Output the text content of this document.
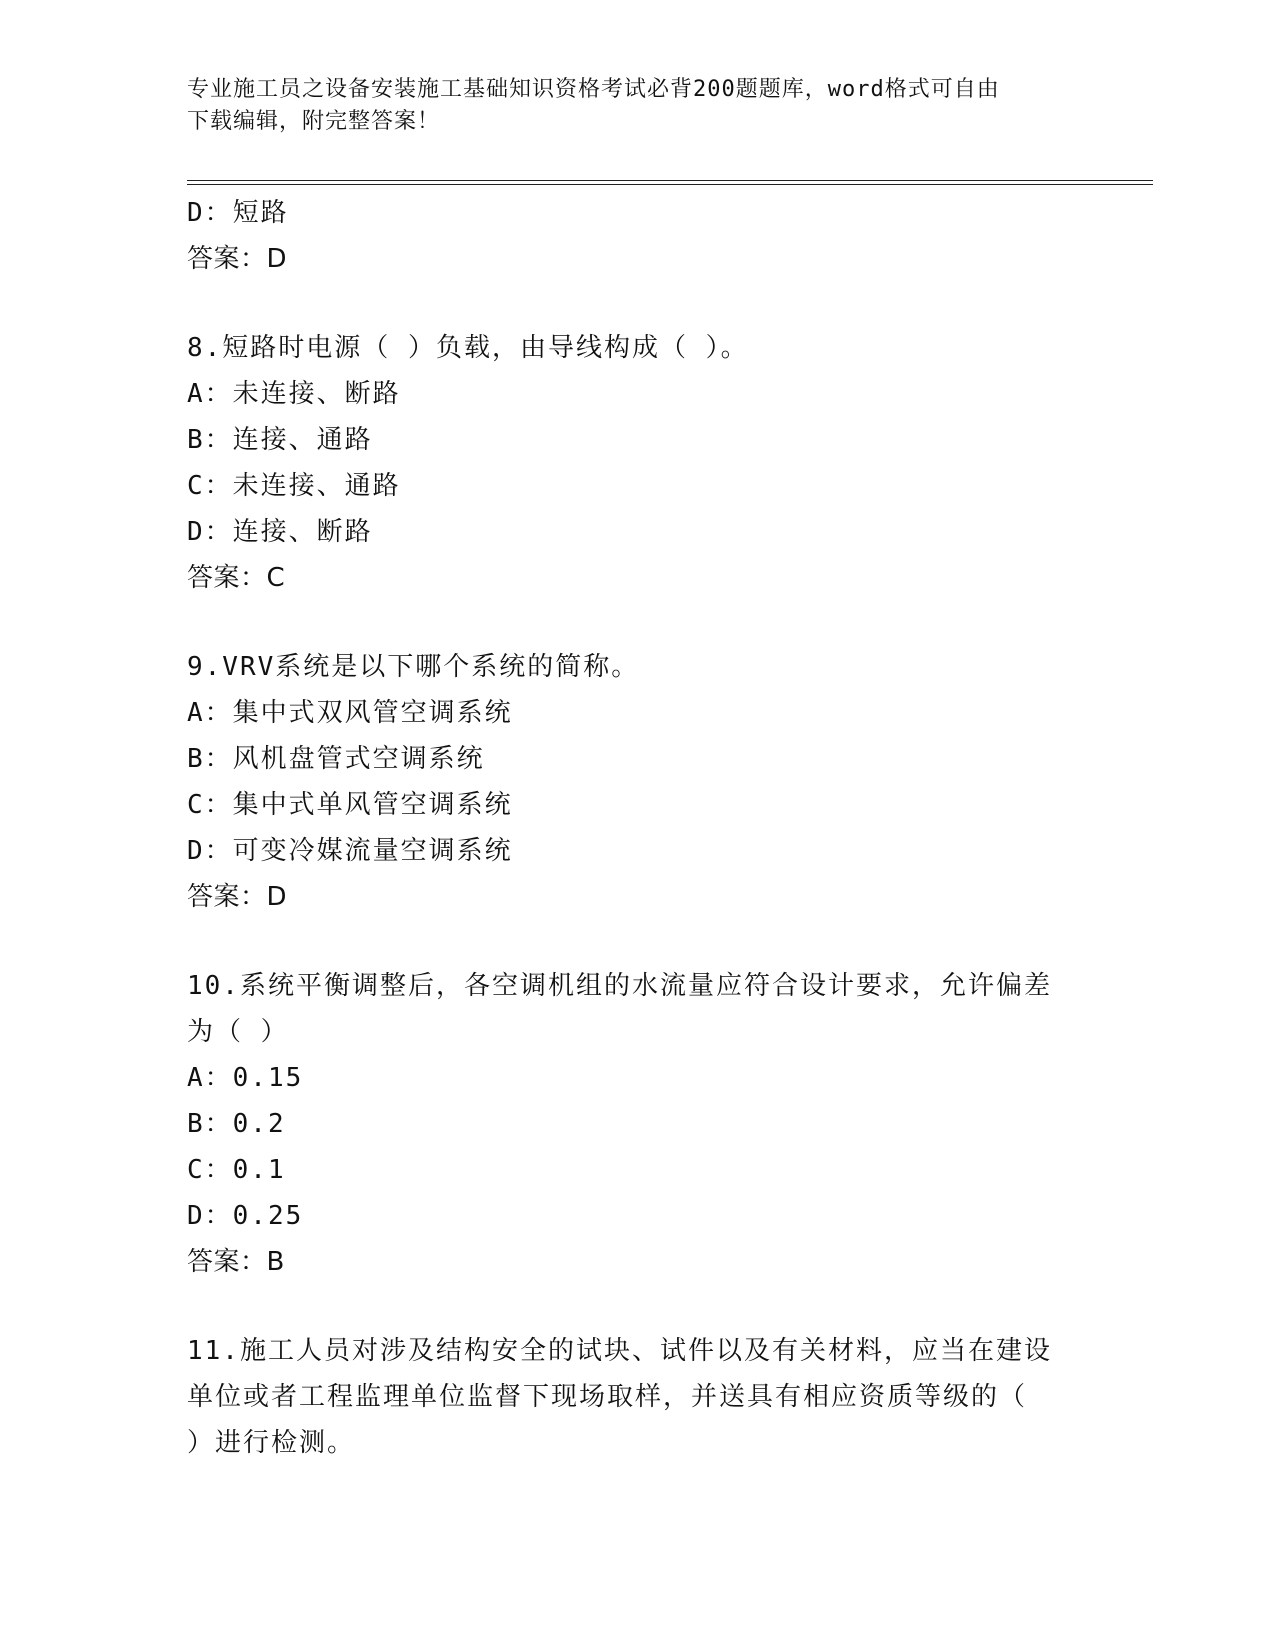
专业施工员之设备安装施工基础知识资格考试必背200题题库，word格式可自由
下载编辑，附完整答案！
D：短路
答案：D
8.短路时电源（ ）负载，由导线构成（ ）。
A：未连接、断路
B：连接、通路
C：未连接、通路
D：连接、断路
答案：C
9.VRV系统是以下哪个系统的简称。
A：集中式双风管空调系统
B：风机盘管式空调系统
C：集中式单风管空调系统
D：可变冷媒流量空调系统
答案：D
10.系统平衡调整后，各空调机组的水流量应符合设计要求，允许偏差
为（ ）
A：0.15
B：0.2
C：0.1
D：0.25
答案：B
11.施工人员对涉及结构安全的试块、试件以及有关材料，应当在建设
单位或者工程监理单位监督下现场取样，并送具有相应资质等级的（
）进行检测。
